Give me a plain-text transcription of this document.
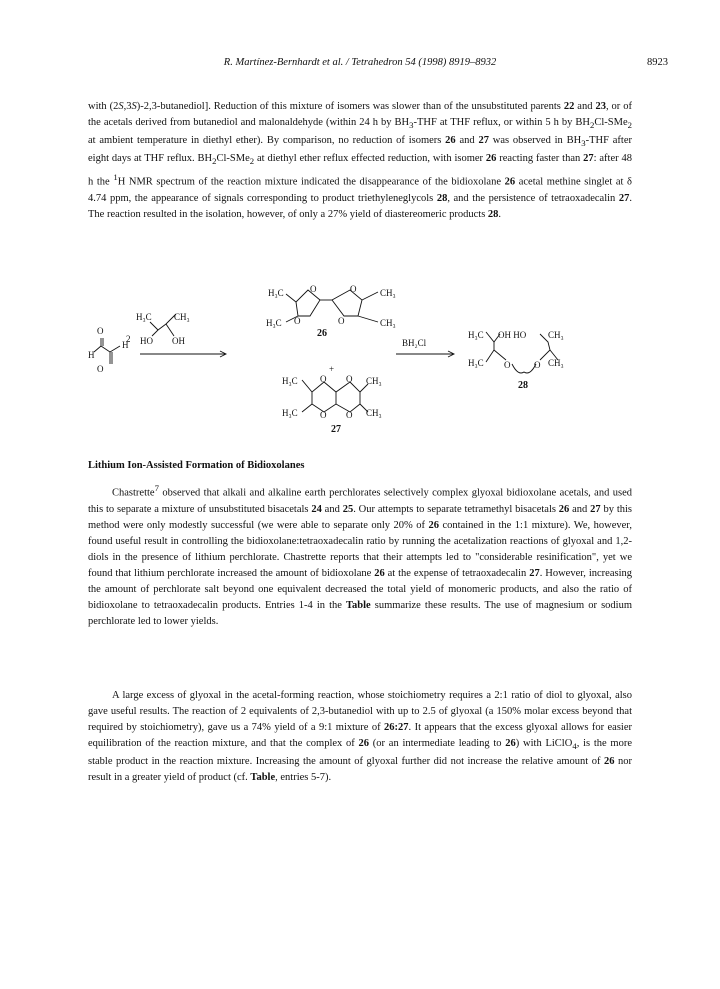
R. Martínez-Bernhardt et al. / Tetrahedron 54 (1998) 8919–8932	8923

with (2S,3S)-2,3-butanediol]. Reduction of this mixture of isomers was slower than of the unsubstituted parents 22 and 23, or of the acetals derived from butanediol and malonaldehyde (within 24 h by $BH_3$-THF at THF reflux, or within 5 h by $BH_2Cl-SMe_2$ at ambient temperature in diethyl ether). By comparison, no reduction of isomers 26 and 27 was observed in $BH_3$-THF after eight days at THF reflux. $BH_2Cl-SMe_2$ at diethyl ether reflux effected reduction, with isomer 26 reacting faster than 27: after 48 h the $^1$H NMR spectrum of the reaction mixture indicated the disappearance of the bidioxolane 26 acetal methine singlet at δ 4.74 ppm, the appearance of signals corresponding to product triethyleneglycols 28, and the persistence of tetraoxadecalin 27. The reaction resulted in the isolation, however, of only a 27% yield of diastereomeric products 28.

H
O
O
H
2
H₃C CH₃
HO OH
H₃C
H₃C
O
O
O
O
CH₃
CH₃
26
+
H₃C
H₃C
O O
O O
CH₃
CH₃
27
BH₂Cl
H₃C OH HO CH₃
H₃C O	O CH₃
28
Lithium Ion-Assisted Formation of Bidioxolanes

Chastrette$^7$ observed that alkali and alkaline earth perchlorates selectively complex glyoxal bidioxolane acetals, and used this to separate a mixture of unsubstituted bisacetals 24 and 25. Our attempts to separate tetramethyl bisacetals 26 and 27 by this method were only modestly successful (we were able to separate only 20% of 26 contained in the 1:1 mixture). We, however, found useful result in controlling the bidioxolane:tetraoxadecalin ratio by running the acetalization reactions of glyoxal and 1,2-diols in the presence of lithium perchlorate. Chastrette reports that their attempts led to "considerable resinification", yet we found that lithium perchlorate increased the amount of bidioxolane 26 at the expense of tetraoxadecalin 27. However, increasing the amount of perchlorate salt beyond one equivalent decreased the total yield of monomeric products, and also the ratio of bidioxolane to tetraoxadecalin products. Entries 1-4 in the Table summarize these results. The use of magnesium or sodium perchlorate led to lower yields.

A large excess of glyoxal in the acetal-forming reaction, whose stoichiometry requires a 2:1 ratio of diol to glyoxal, also gave useful results. The reaction of 2 equivalents of 2,3-butanediol with up to 2.5 of glyoxal (a 150% molar excess beyond that required by stoichiometry), gave us a 74% yield of a 9:1 mixture of 26:27. It appears that the excess glyoxal allows for easier equilibration of the reaction mixture, and that the complex of 26 (or an intermediate leading to 26) with LiClO$_4$, is the more stable product in the reaction mixture. Increasing the amount of glyoxal further did not increase the relative amount of 26 nor result in a greater yield of product (cf. Table, entries 5-7).
